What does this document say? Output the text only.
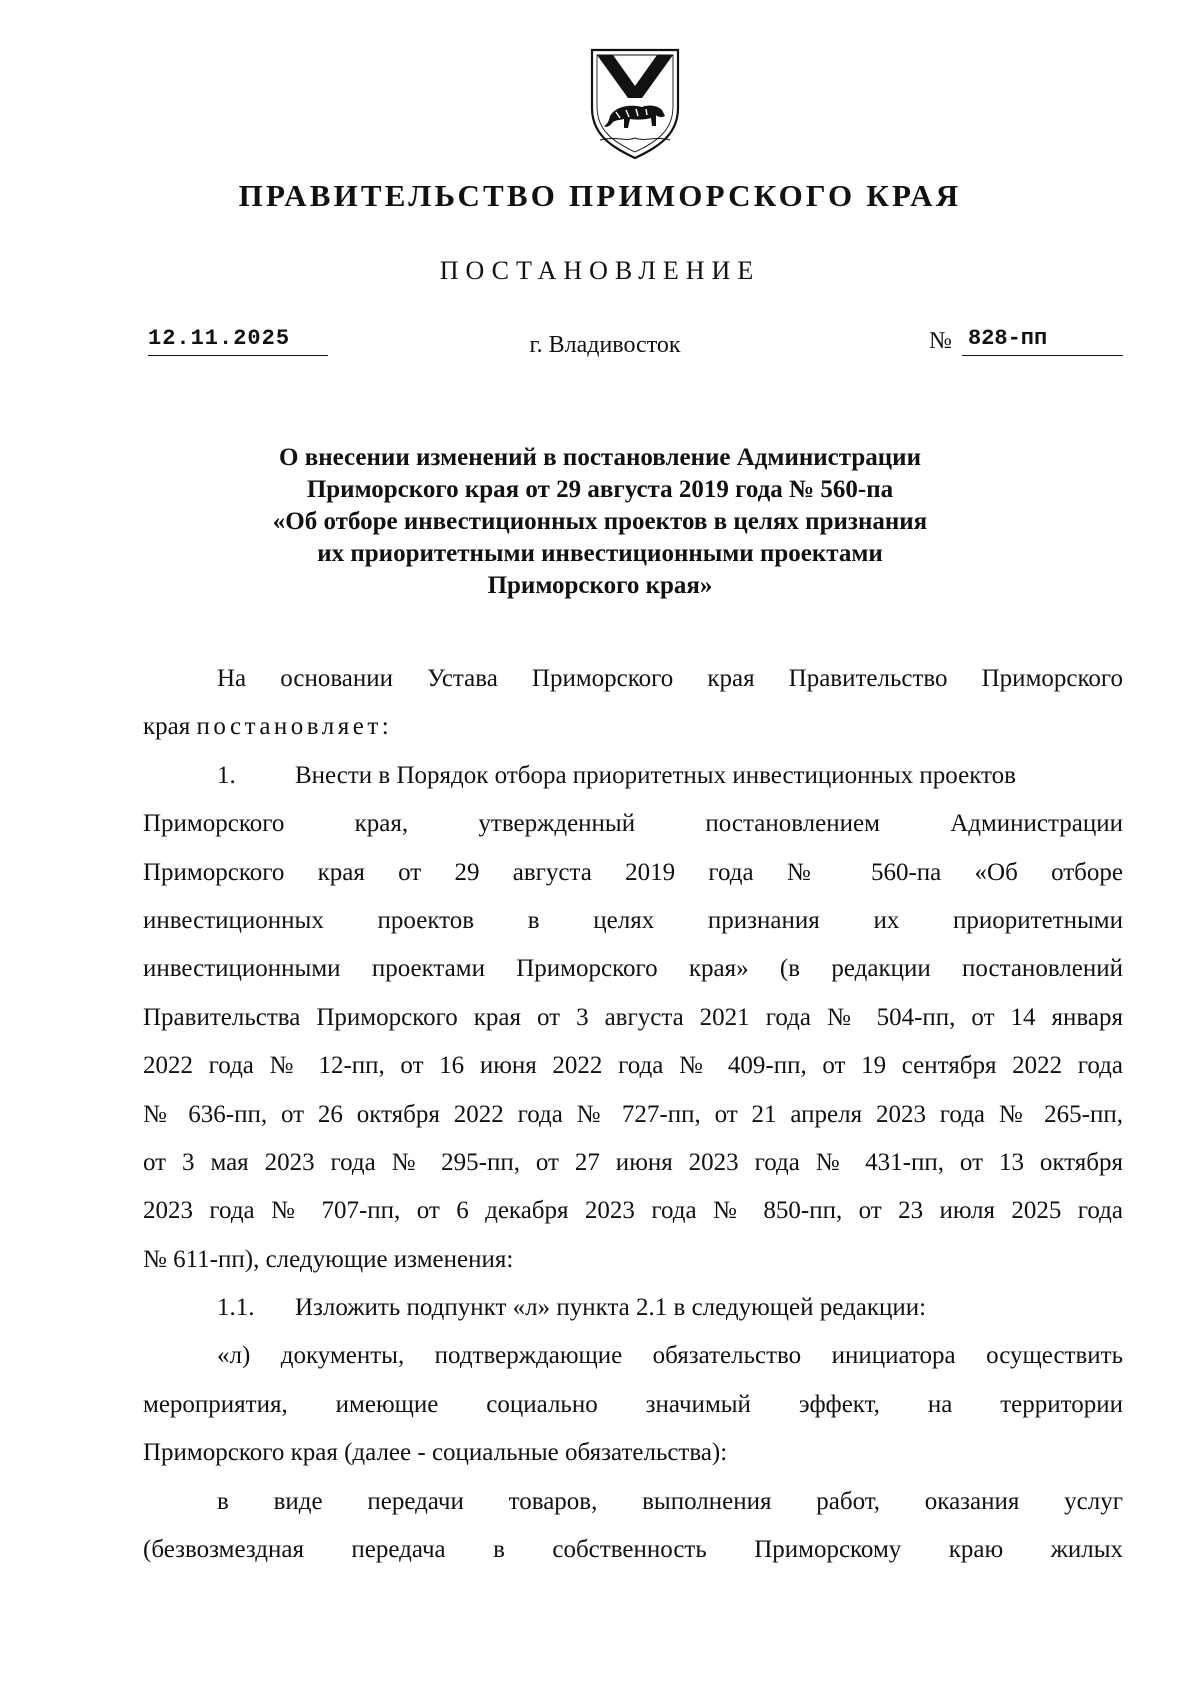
ПРАВИТЕЛЬСТВО ПРИМОРСКОГО КРАЯ
ПОСТАНОВЛЕНИЕ
12.11.2025	г. Владивосток	№ 828-пп
О внесении изменений в постановление Администрации
Приморского края от 29 августа 2019 года № 560-па
«Об отборе инвестиционных проектов в целях признания
их приоритетными инвестиционными проектами
Приморского края»
На основании Устава Приморского края Правительство Приморского
края постановляет:
1. Внести в Порядок отбора приоритетных инвестиционных проектов
Приморского края, утвержденный постановлением Администрации
Приморского края от 29 августа 2019 года № 560-па «Об отборе
инвестиционных проектов в целях признания их приоритетными
инвестиционными проектами Приморского края» (в редакции постановлений
Правительства Приморского края от 3 августа 2021 года № 504-пп, от 14 января
2022 года № 12-пп, от 16 июня 2022 года № 409-пп, от 19 сентября 2022 года
№ 636-пп, от 26 октября 2022 года № 727-пп, от 21 апреля 2023 года № 265-пп,
от 3 мая 2023 года № 295-пп, от 27 июня 2023 года № 431-пп, от 13 октября
2023 года № 707-пп, от 6 декабря 2023 года № 850-пп, от 23 июля 2025 года
№ 611-пп), следующие изменения:
1.1. Изложить подпункт «л» пункта 2.1 в следующей редакции:
«л) документы, подтверждающие обязательство инициатора осуществить
мероприятия, имеющие социально значимый эффект, на территории
Приморского края (далее - социальные обязательства):
в виде передачи товаров, выполнения работ, оказания услуг
(безвозмездная передача в собственность Приморскому краю жилых
